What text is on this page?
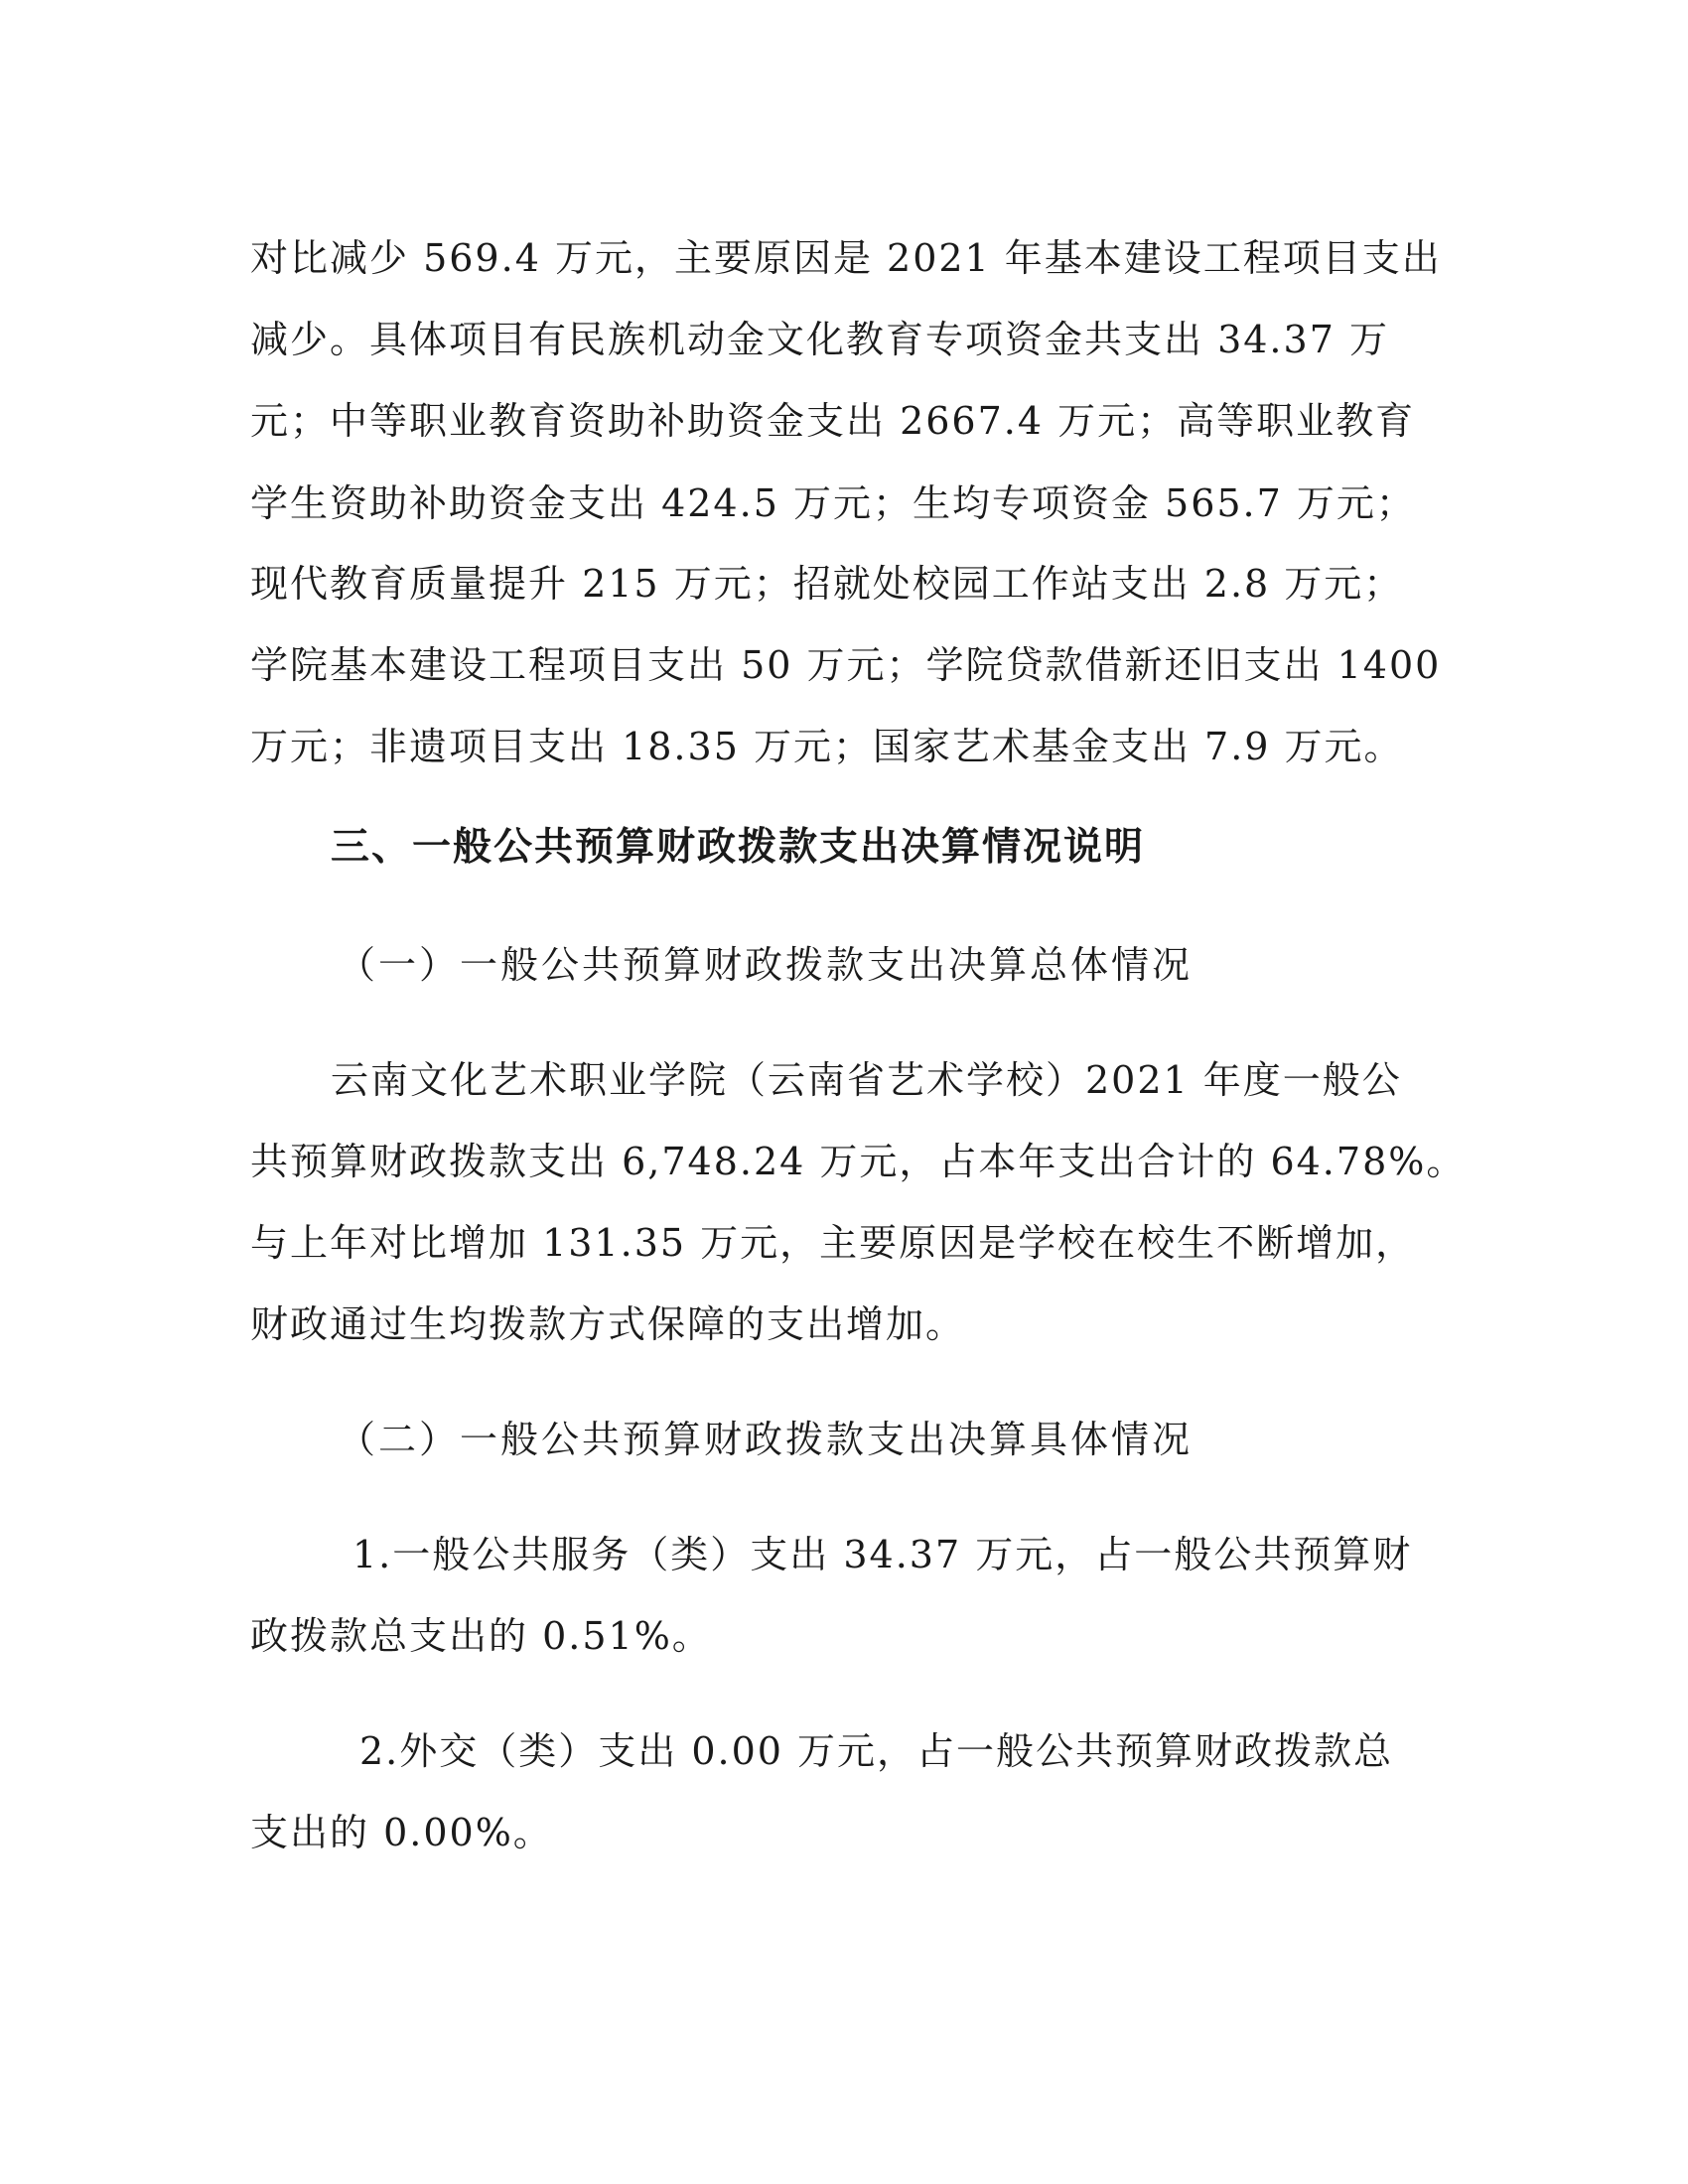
对比减少 569.4 万元，主要原因是 2021 年基本建设工程项目支出
减少。具体项目有民族机动金文化教育专项资金共支出 34.37 万
元；中等职业教育资助补助资金支出 2667.4 万元；高等职业教育
学生资助补助资金支出 424.5 万元；生均专项资金 565.7 万元；
现代教育质量提升 215 万元；招就处校园工作站支出 2.8 万元；
学院基本建设工程项目支出 50 万元；学院贷款借新还旧支出 1400
万元；非遗项目支出 18.35 万元；国家艺术基金支出 7.9 万元。
三、一般公共预算财政拨款支出决算情况说明
（一）一般公共预算财政拨款支出决算总体情况
云南文化艺术职业学院（云南省艺术学校）2021 年度一般公
共预算财政拨款支出 6,748.24 万元，占本年支出合计的 64.78%。
与上年对比增加 131.35 万元，主要原因是学校在校生不断增加，
财政通过生均拨款方式保障的支出增加。
（二）一般公共预算财政拨款支出决算具体情况
1.一般公共服务（类）支出 34.37 万元，占一般公共预算财
政拨款总支出的 0.51%。
2.外交（类）支出 0.00 万元，占一般公共预算财政拨款总
支出的 0.00%。
